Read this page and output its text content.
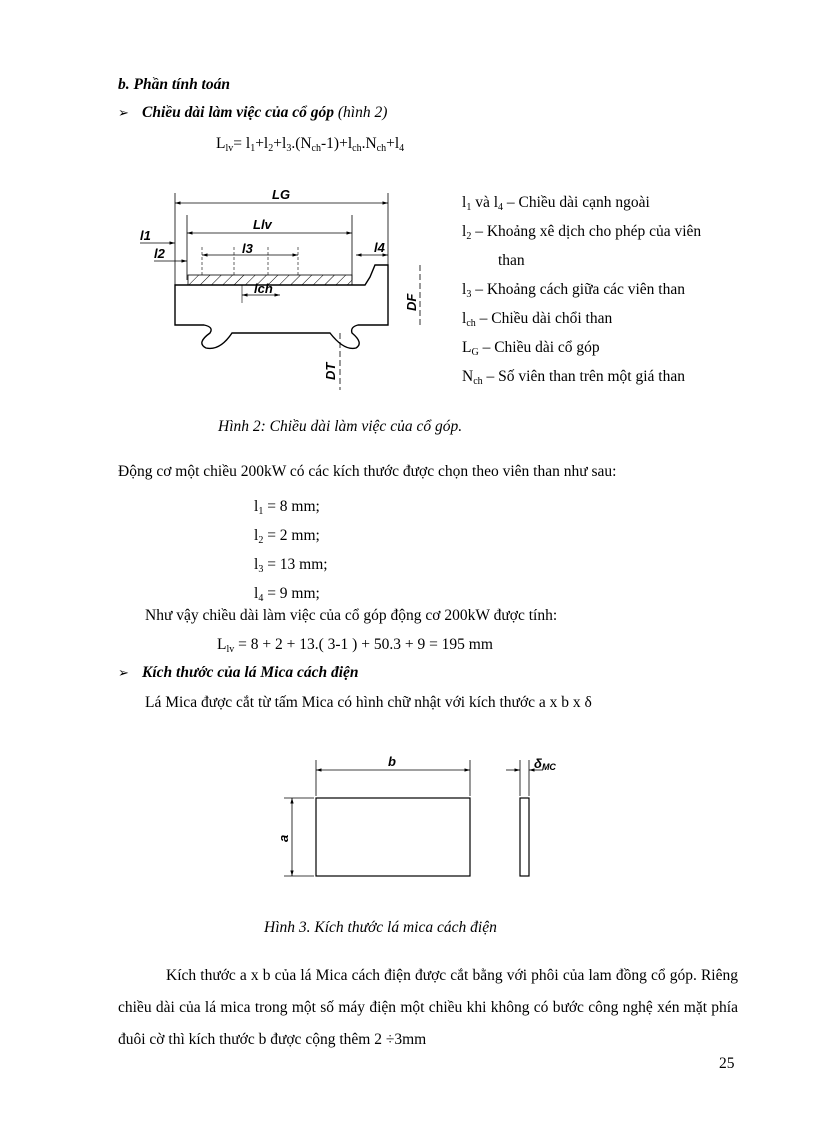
b. Phần tính toán
➢ Chiều dài làm việc của cổ góp (hình 2)
$L_{lv}= l_1+l_2+l_3.(N_{ch}-1)+l_{ch}.N_{ch}+l_4$
LG
Llv
l1
l2	l3	l4
lch
DF
DT
$l_1$ và $l_4$ – Chiều dài cạnh ngoài
$l_2$ – Khoảng xê dịch cho phép của viên
than
$l_3$ – Khoảng cách giữa các viên than
$l_{ch}$ – Chiều dài chổi than
$L_G$ – Chiều dài cổ góp
$N_{ch}$ – Số viên than trên một giá than
Hình 2: Chiều dài làm việc của cổ góp.
Động cơ một chiều 200kW có các kích thước được chọn theo viên than như sau:
$l_1 = 8$ mm;
$l_2 = 2$ mm;
$l_3 = 13$ mm;
$l_4 = 9$ mm;
Như vậy chiều dài làm việc của cổ góp động cơ 200kW được tính:
$L_{lv} = 8 + 2 + 13$.( 3-1 ) + 50.3 + 9 = 195 mm
➢ Kích thước của lá Mica cách điện
Lá Mica được cắt từ tấm Mica có hình chữ nhật với kích thước a x b x δ
b
a
δMC
Hình 3. Kích thước lá mica cách điện
Kích thước a x b của lá Mica cách điện được cắt bằng với phôi của lam đồng cổ góp. Riêng chiều dài của lá mica trong một số máy điện một chiều khi không có bước công nghệ xén mặt phía đuôi cờ thì kích thước b được cộng thêm 2 ÷3mm
25
